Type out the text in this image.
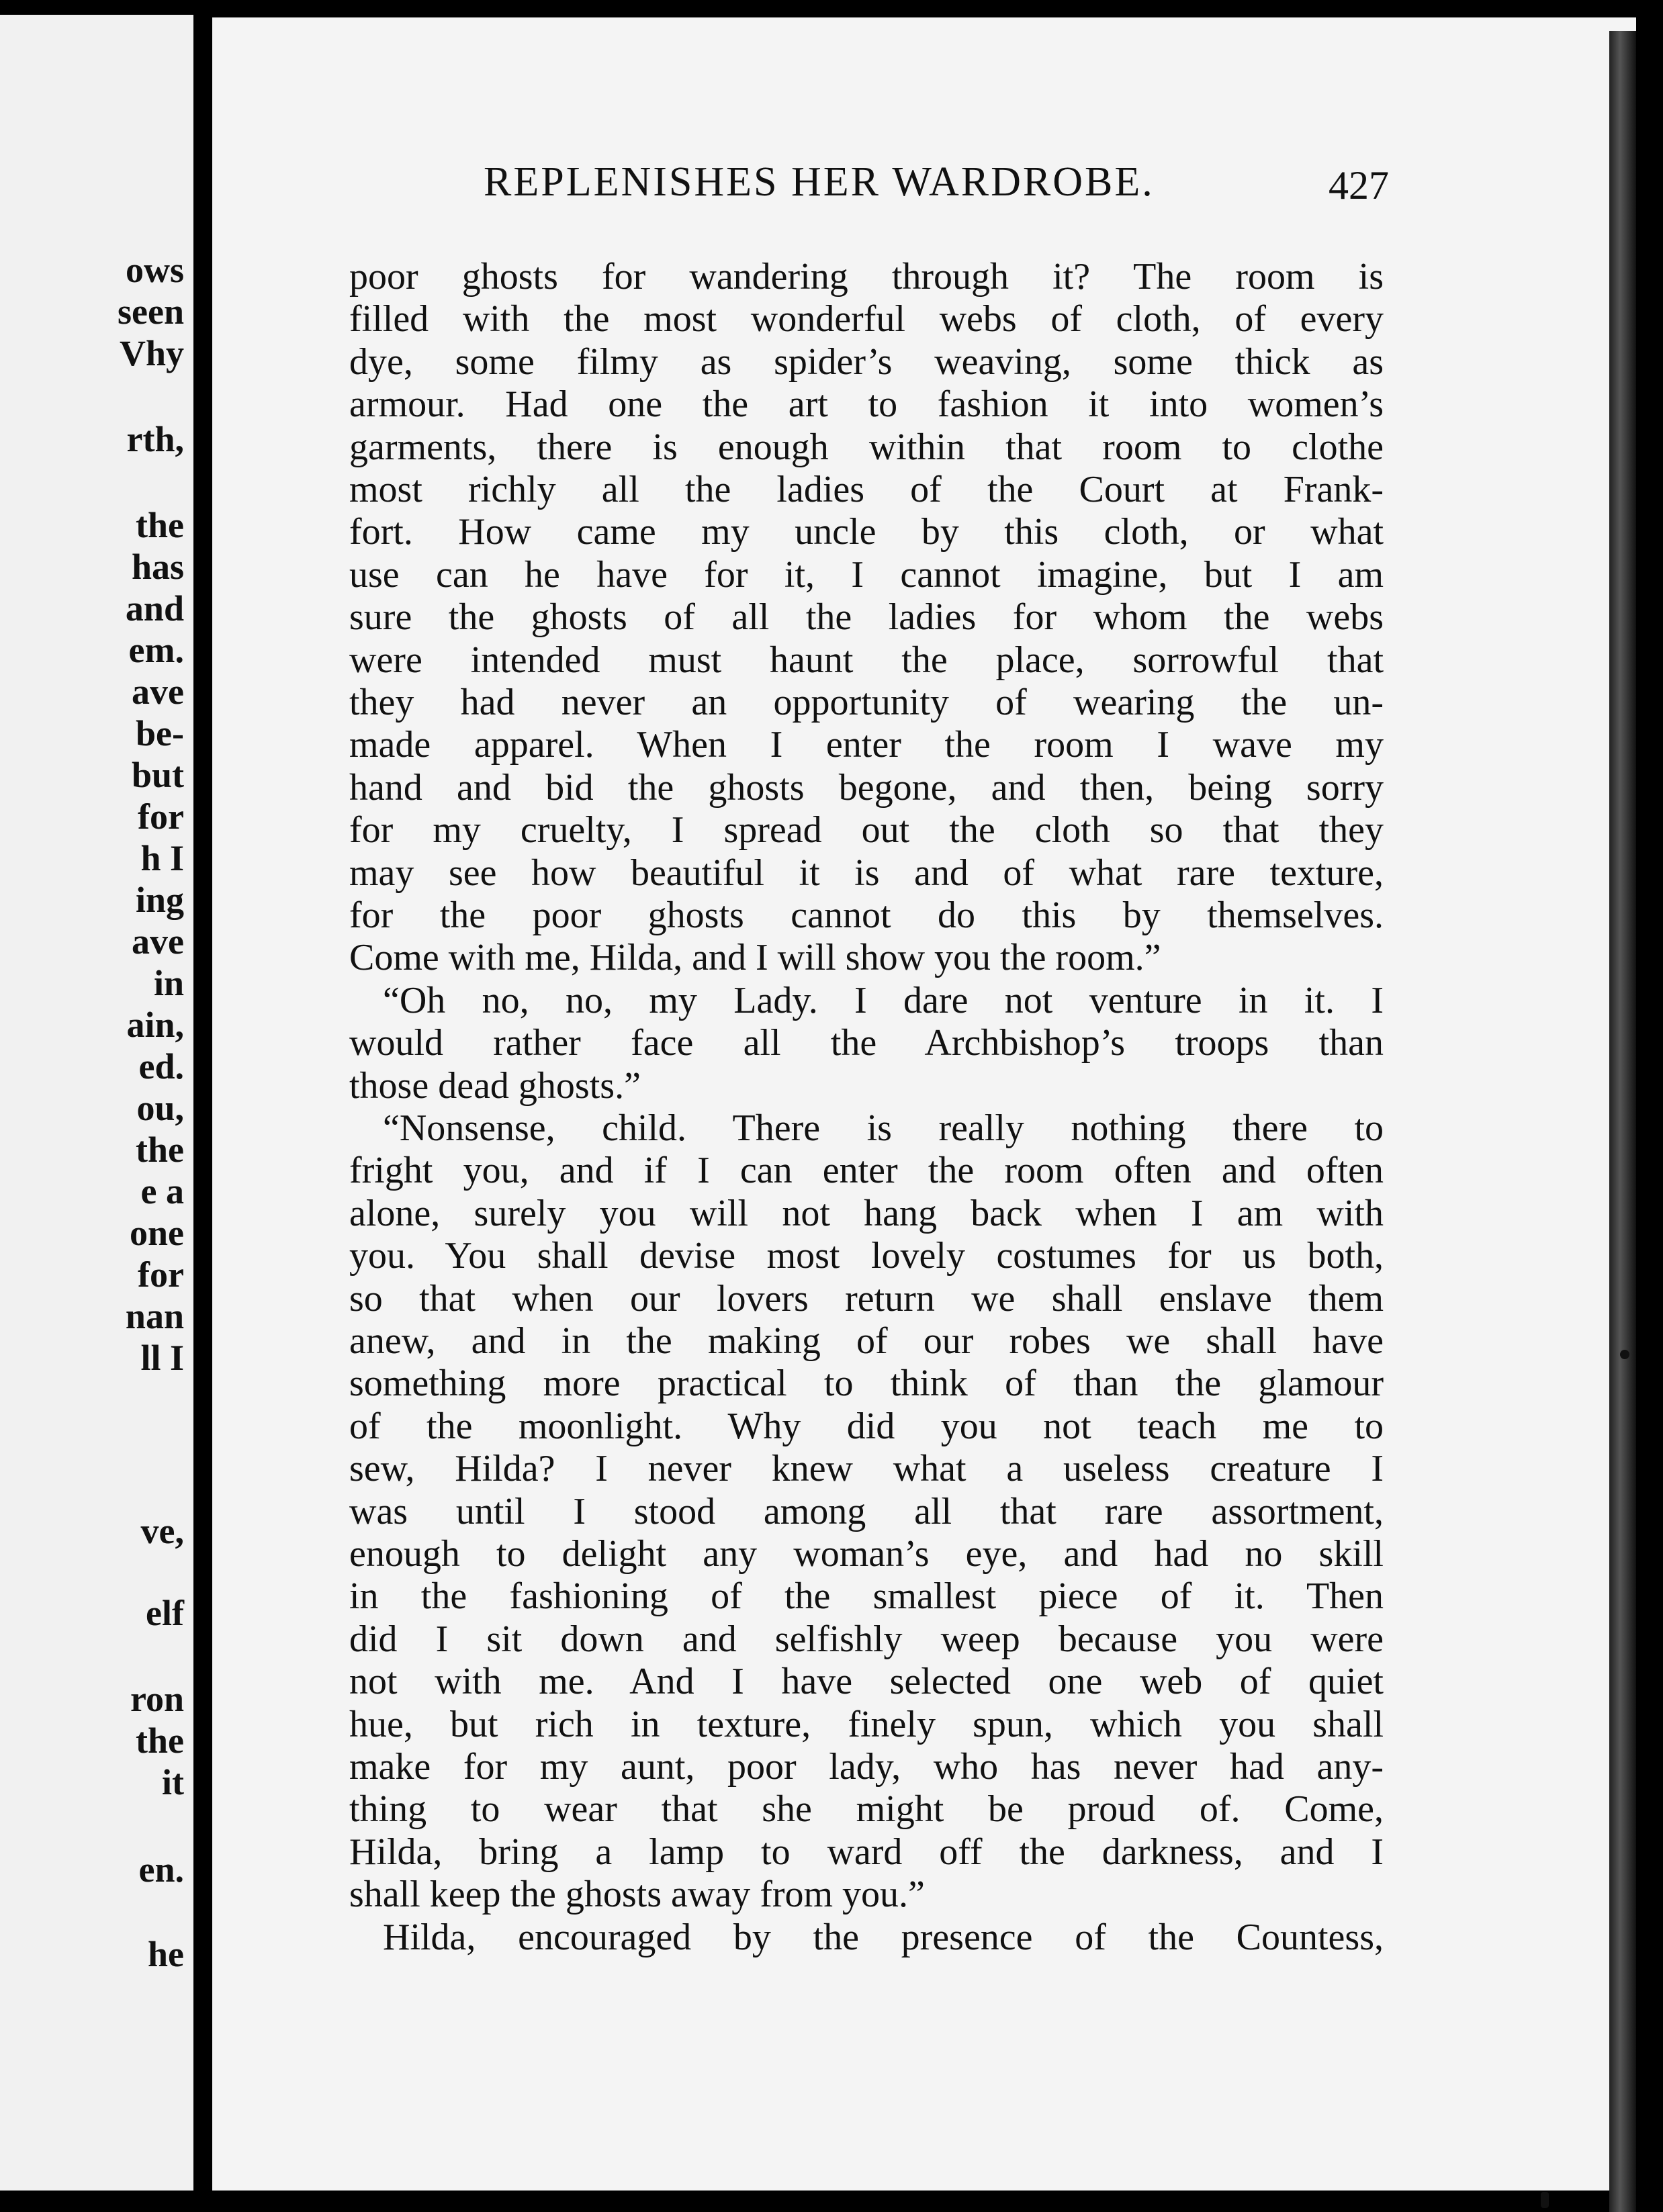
ows
seen
Vhy
rth,
the
has
and
em.
ave
be-
but
for
h I
ing
ave
in
ain,
ed.
ou,
the
e a
one
for
nan
ll I
ve,
elf
ron
the
it
en.
he
REPLENISHES HER WARDROBE.	427
poor ghosts for wandering through it? The room is
filled with the most wonderful webs of cloth, of every
dye, some filmy as spider’s weaving, some thick as
armour. Had one the art to fashion it into women’s
garments, there is enough within that room to clothe
most richly all the ladies of the Court at Frank-
fort. How came my uncle by this cloth, or what
use can he have for it, I cannot imagine, but I am
sure the ghosts of all the ladies for whom the webs
were intended must haunt the place, sorrowful that
they had never an opportunity of wearing the un-
made apparel. When I enter the room I wave my
hand and bid the ghosts begone, and then, being sorry
for my cruelty, I spread out the cloth so that they
may see how beautiful it is and of what rare texture,
for the poor ghosts cannot do this by themselves.
Come with me, Hilda, and I will show you the room.”
“Oh no, no, my Lady. I dare not venture in it. I
would rather face all the Archbishop’s troops than
those dead ghosts.”
“Nonsense, child. There is really nothing there to
fright you, and if I can enter the room often and often
alone, surely you will not hang back when I am with
you. You shall devise most lovely costumes for us both,
so that when our lovers return we shall enslave them
anew, and in the making of our robes we shall have
something more practical to think of than the glamour
of the moonlight. Why did you not teach me to
sew, Hilda? I never knew what a useless creature I
was until I stood among all that rare assortment,
enough to delight any woman’s eye, and had no skill
in the fashioning of the smallest piece of it. Then
did I sit down and selfishly weep because you were
not with me. And I have selected one web of quiet
hue, but rich in texture, finely spun, which you shall
make for my aunt, poor lady, who has never had any-
thing to wear that she might be proud of. Come,
Hilda, bring a lamp to ward off the darkness, and I
shall keep the ghosts away from you.”
Hilda, encouraged by the presence of the Countess,
